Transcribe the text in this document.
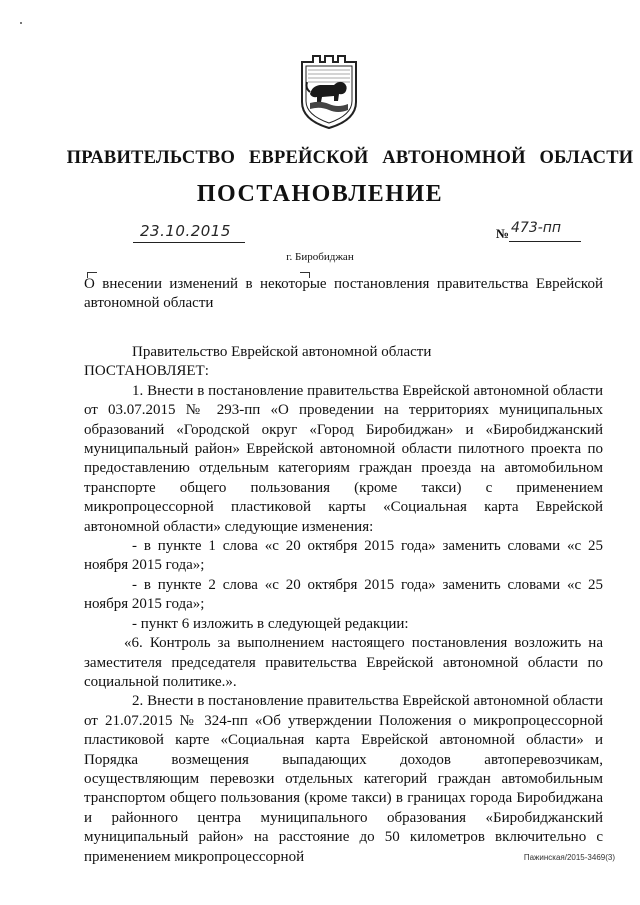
ПРАВИТЕЛЬСТВО ЕВРЕЙСКОЙ АВТОНОМНОЙ ОБЛАСТИ
ПОСТАНОВЛЕНИЕ
23.10.2015	№ 473-пп
г. Биробиджан
О внесении изменений в некоторые постановления правительства Еврейской автономной области

Правительство Еврейской автономной области

ПОСТАНОВЛЯЕТ:

1. Внести в постановление правительства Еврейской автономной области от 03.07.2015 № 293-пп «О проведении на территориях муниципальных образований «Городской округ «Город Биробиджан» и «Биробиджанский муниципальный район» Еврейской автономной области пилотного проекта по предоставлению отдельным категориям граждан проезда на автомобильном транспорте общего пользования (кроме такси) с применением микропроцессорной пластиковой карты «Социальная карта Еврейской автономной области» следующие изменения:

- в пункте 1 слова «с 20 октября 2015 года» заменить словами «с 25 ноября 2015 года»;

- в пункте 2 слова «с 20 октября 2015 года» заменить словами «с 25 ноября 2015 года»;

- пункт 6 изложить в следующей редакции:

«6. Контроль за выполнением настоящего постановления возложить на заместителя председателя правительства Еврейской автономной области по социальной политике.».

2. Внести в постановление правительства Еврейской автономной области от 21.07.2015 № 324-пп «Об утверждении Положения о микропроцессорной пластиковой карте «Социальная карта Еврейской автономной области» и Порядка возмещения выпадающих доходов автоперевозчикам, осуществляющим перевозки отдельных категорий граждан автомобильным транспортом общего пользования (кроме такси) в границах города Биробиджана и районного центра муниципального образования «Биробиджанский муниципальный район» на расстояние до 50 километров включительно с применением микропроцессорной	Пажинская/2015-3469(3)
